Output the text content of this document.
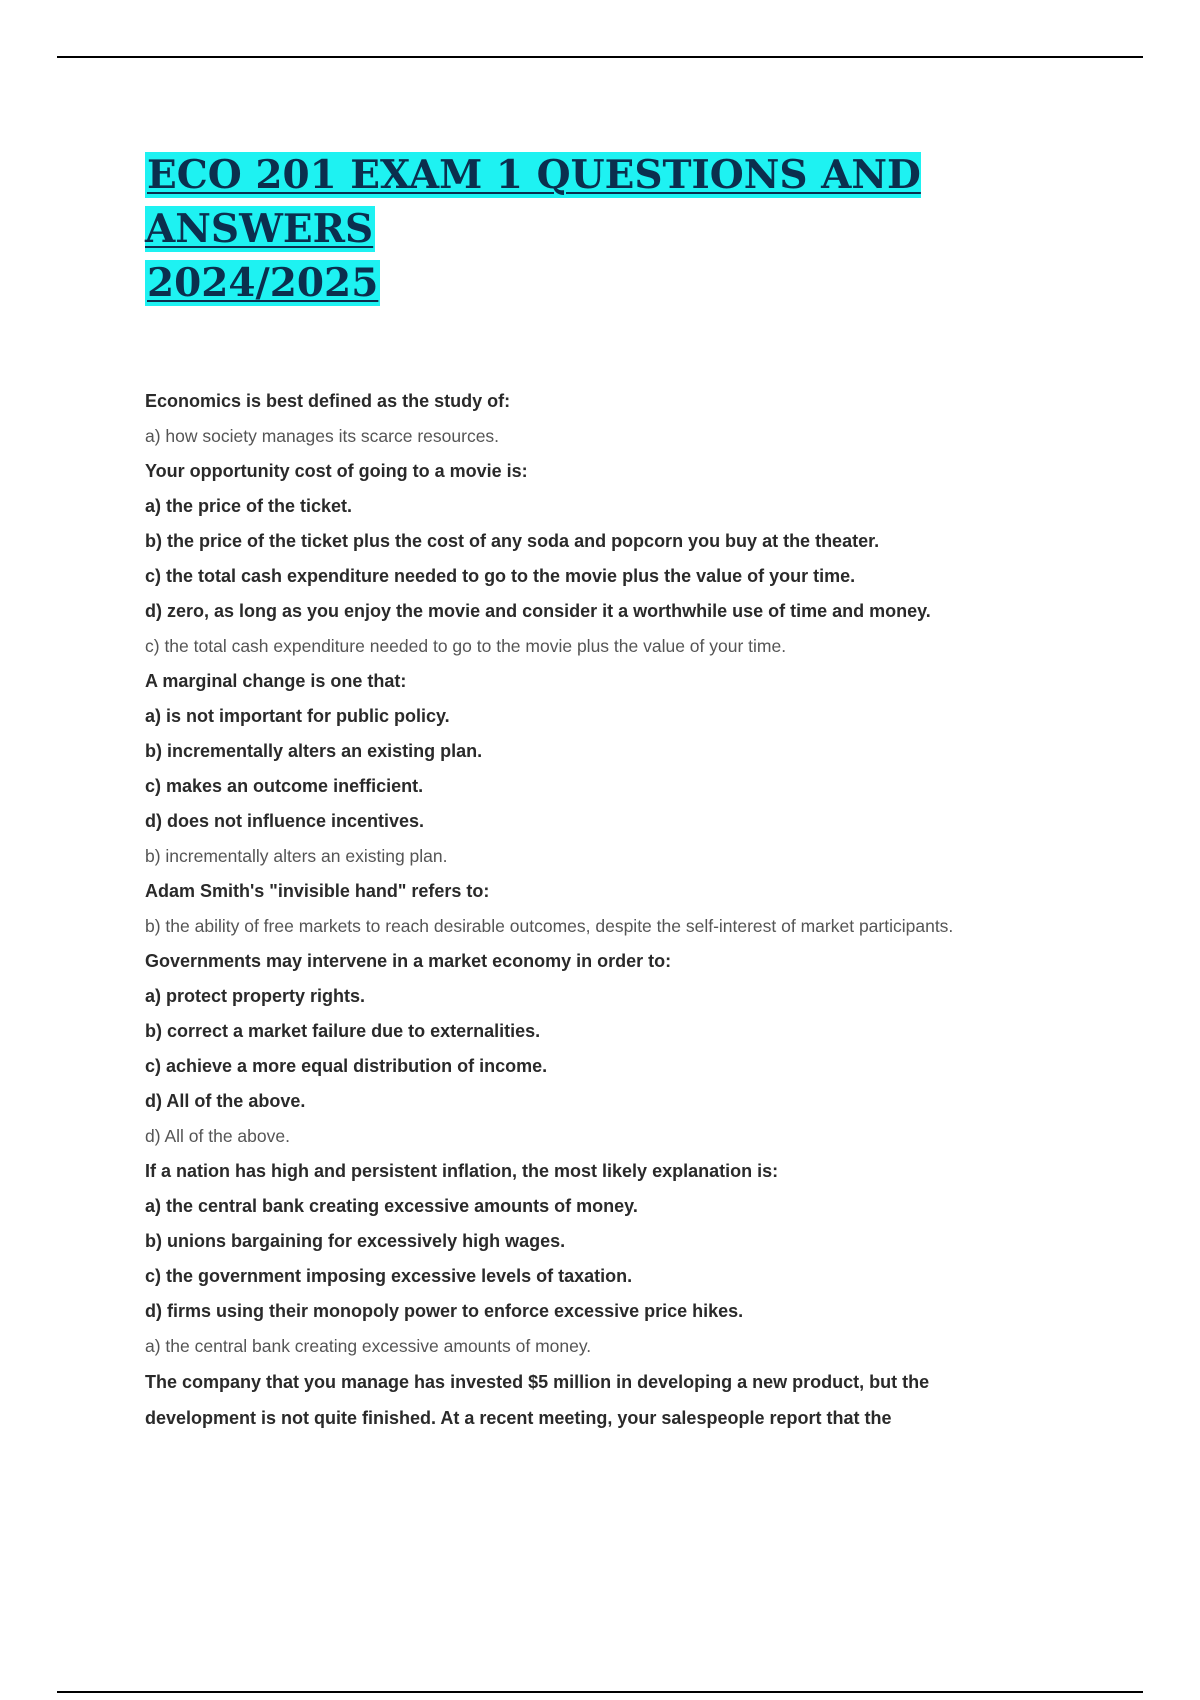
ECO 201 EXAM 1 QUESTIONS AND ANSWERS
2024/2025
Economics is best defined as the study of:
a) how society manages its scarce resources.
Your opportunity cost of going to a movie is:
a) the price of the ticket.
b) the price of the ticket plus the cost of any soda and popcorn you buy at the theater.
c) the total cash expenditure needed to go to the movie plus the value of your time.
d) zero, as long as you enjoy the movie and consider it a worthwhile use of time and money.
c) the total cash expenditure needed to go to the movie plus the value of your time.
A marginal change is one that:
a) is not important for public policy.
b) incrementally alters an existing plan.
c) makes an outcome inefficient.
d) does not influence incentives.
b) incrementally alters an existing plan.
Adam Smith's "invisible hand" refers to:
b) the ability of free markets to reach desirable outcomes, despite the self-interest of market participants.
Governments may intervene in a market economy in order to:
a) protect property rights.
b) correct a market failure due to externalities.
c) achieve a more equal distribution of income.
d) All of the above.
d) All of the above.
If a nation has high and persistent inflation, the most likely explanation is:
a) the central bank creating excessive amounts of money.
b) unions bargaining for excessively high wages.
c) the government imposing excessive levels of taxation.
d) firms using their monopoly power to enforce excessive price hikes.
a) the central bank creating excessive amounts of money.
The company that you manage has invested $5 million in developing a new product, but the
development is not quite finished. At a recent meeting, your salespeople report that the
